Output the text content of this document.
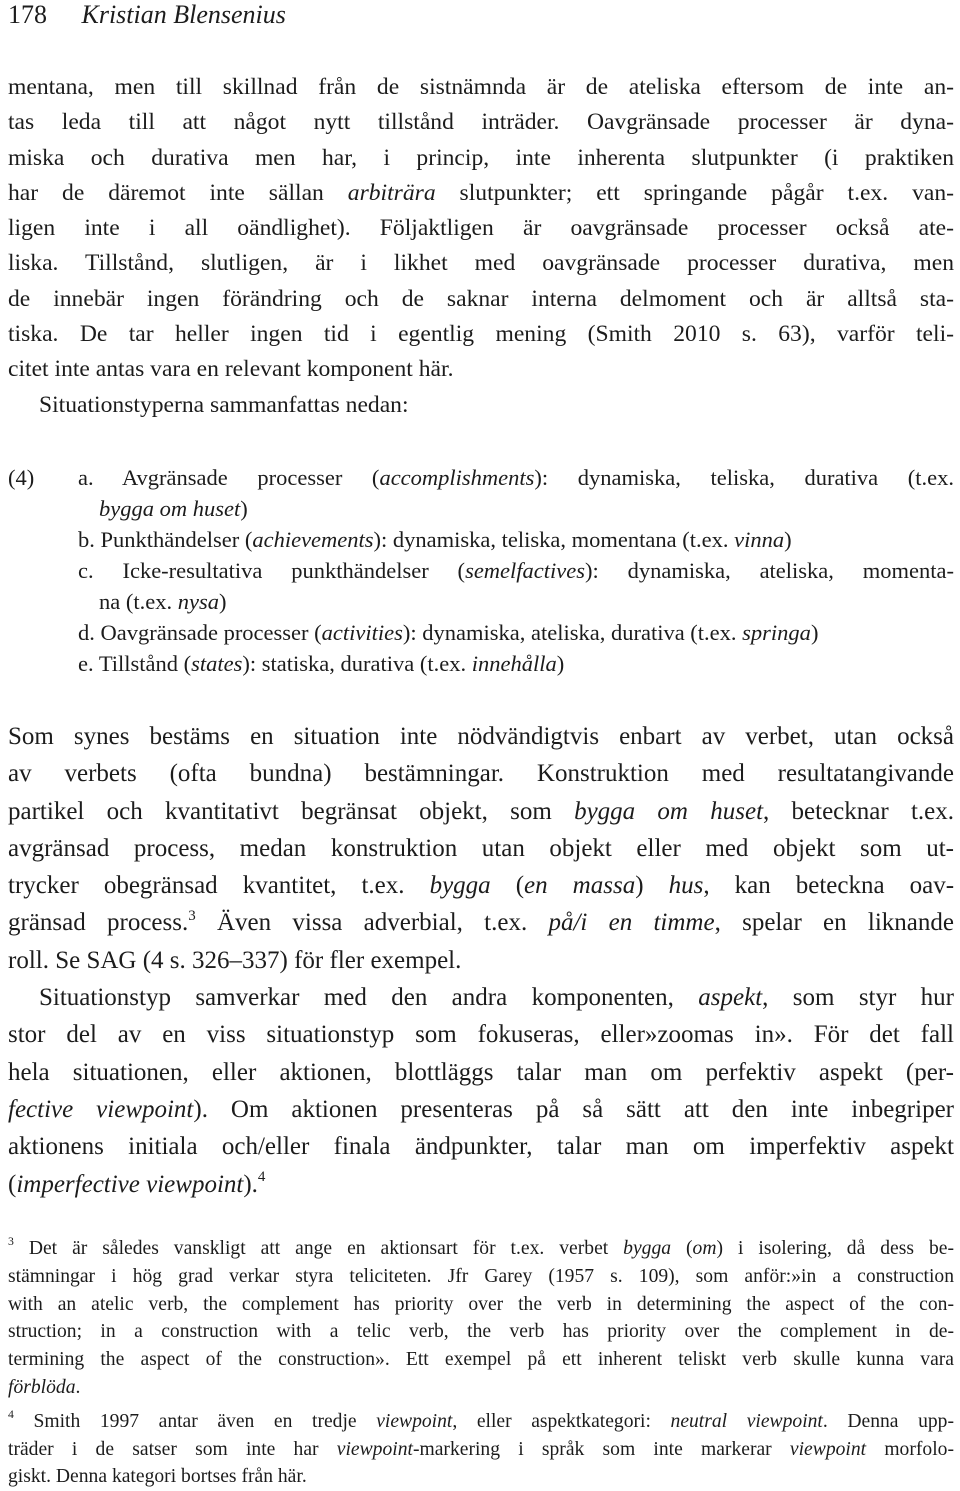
178 Kristian Blensenius
mentana, men till skillnad från de sistnämnda är de ateliska eftersom de inte an-
tas leda till att något nytt tillstånd inträder. Oavgränsade processer är dyna-
miska och durativa men har, i princip, inte inherenta slutpunkter (i praktiken
har de däremot inte sällan arbiträra slutpunkter; ett springande pågår t.ex. van-
ligen inte i all oändlighet). Följaktligen är oavgränsade processer också ate-
liska. Tillstånd, slutligen, är i likhet med oavgränsade processer durativa, men
de innebär ingen förändring och de saknar interna delmoment och är alltså sta-
tiska. De tar heller ingen tid i egentlig mening (Smith 2010 s. 63), varför teli-
citet inte antas vara en relevant komponent här.
Situationstyperna sammanfattas nedan:
(4)	a. Avgränsade processer (accomplishments): dynamiska, teliska, durativa (t.ex.
bygga om huset)
b. Punkthändelser (achievements): dynamiska, teliska, momentana (t.ex. vinna)
c. Icke-resultativa punkthändelser (semelfactives): dynamiska, ateliska, momenta-
na (t.ex. nysa)
d. Oavgränsade processer (activities): dynamiska, ateliska, durativa (t.ex. springa)
e. Tillstånd (states): statiska, durativa (t.ex. innehålla)
Som synes bestäms en situation inte nödvändigtvis enbart av verbet, utan också
av verbets (ofta bundna) bestämningar. Konstruktion med resultatangivande
partikel och kvantitativt begränsat objekt, som bygga om huset, betecknar t.ex.
avgränsad process, medan konstruktion utan objekt eller med objekt som ut-
trycker obegränsad kvantitet, t.ex. bygga (en massa) hus, kan beteckna oav-
gränsad process.$^3$ Även vissa adverbial, t.ex. på/i en timme, spelar en liknande
roll. Se SAG (4 s. 326–337) för fler exempel.
Situationstyp samverkar med den andra komponenten, aspekt, som styr hur
stor del av en viss situationstyp som fokuseras, eller»zoomas in». För det fall
hela situationen, eller aktionen, blottläggs talar man om perfektiv aspekt (per-
fective viewpoint). Om aktionen presenteras på så sätt att den inte inbegriper
aktionens initiala och/eller finala ändpunkter, talar man om imperfektiv aspekt
(imperfective viewpoint).$^4$
$^3$ Det är således vanskligt att ange en aktionsart för t.ex. verbet bygga (om) i isolering, då dess be-
stämningar i hög grad verkar styra teliciteten. Jfr Garey (1957 s. 109), som anför:»in a construction
with an atelic verb, the complement has priority over the verb in determining the aspect of the con-
struction; in a construction with a telic verb, the verb has priority over the complement in de-
termining the aspect of the construction». Ett exempel på ett inherent teliskt verb skulle kunna vara
förblöda.
$^4$ Smith 1997 antar även en tredje viewpoint, eller aspektkategori: neutral viewpoint. Denna upp-
träder i de satser som inte har viewpoint-markering i språk som inte markerar viewpoint morfolo-
giskt. Denna kategori bortses från här.
